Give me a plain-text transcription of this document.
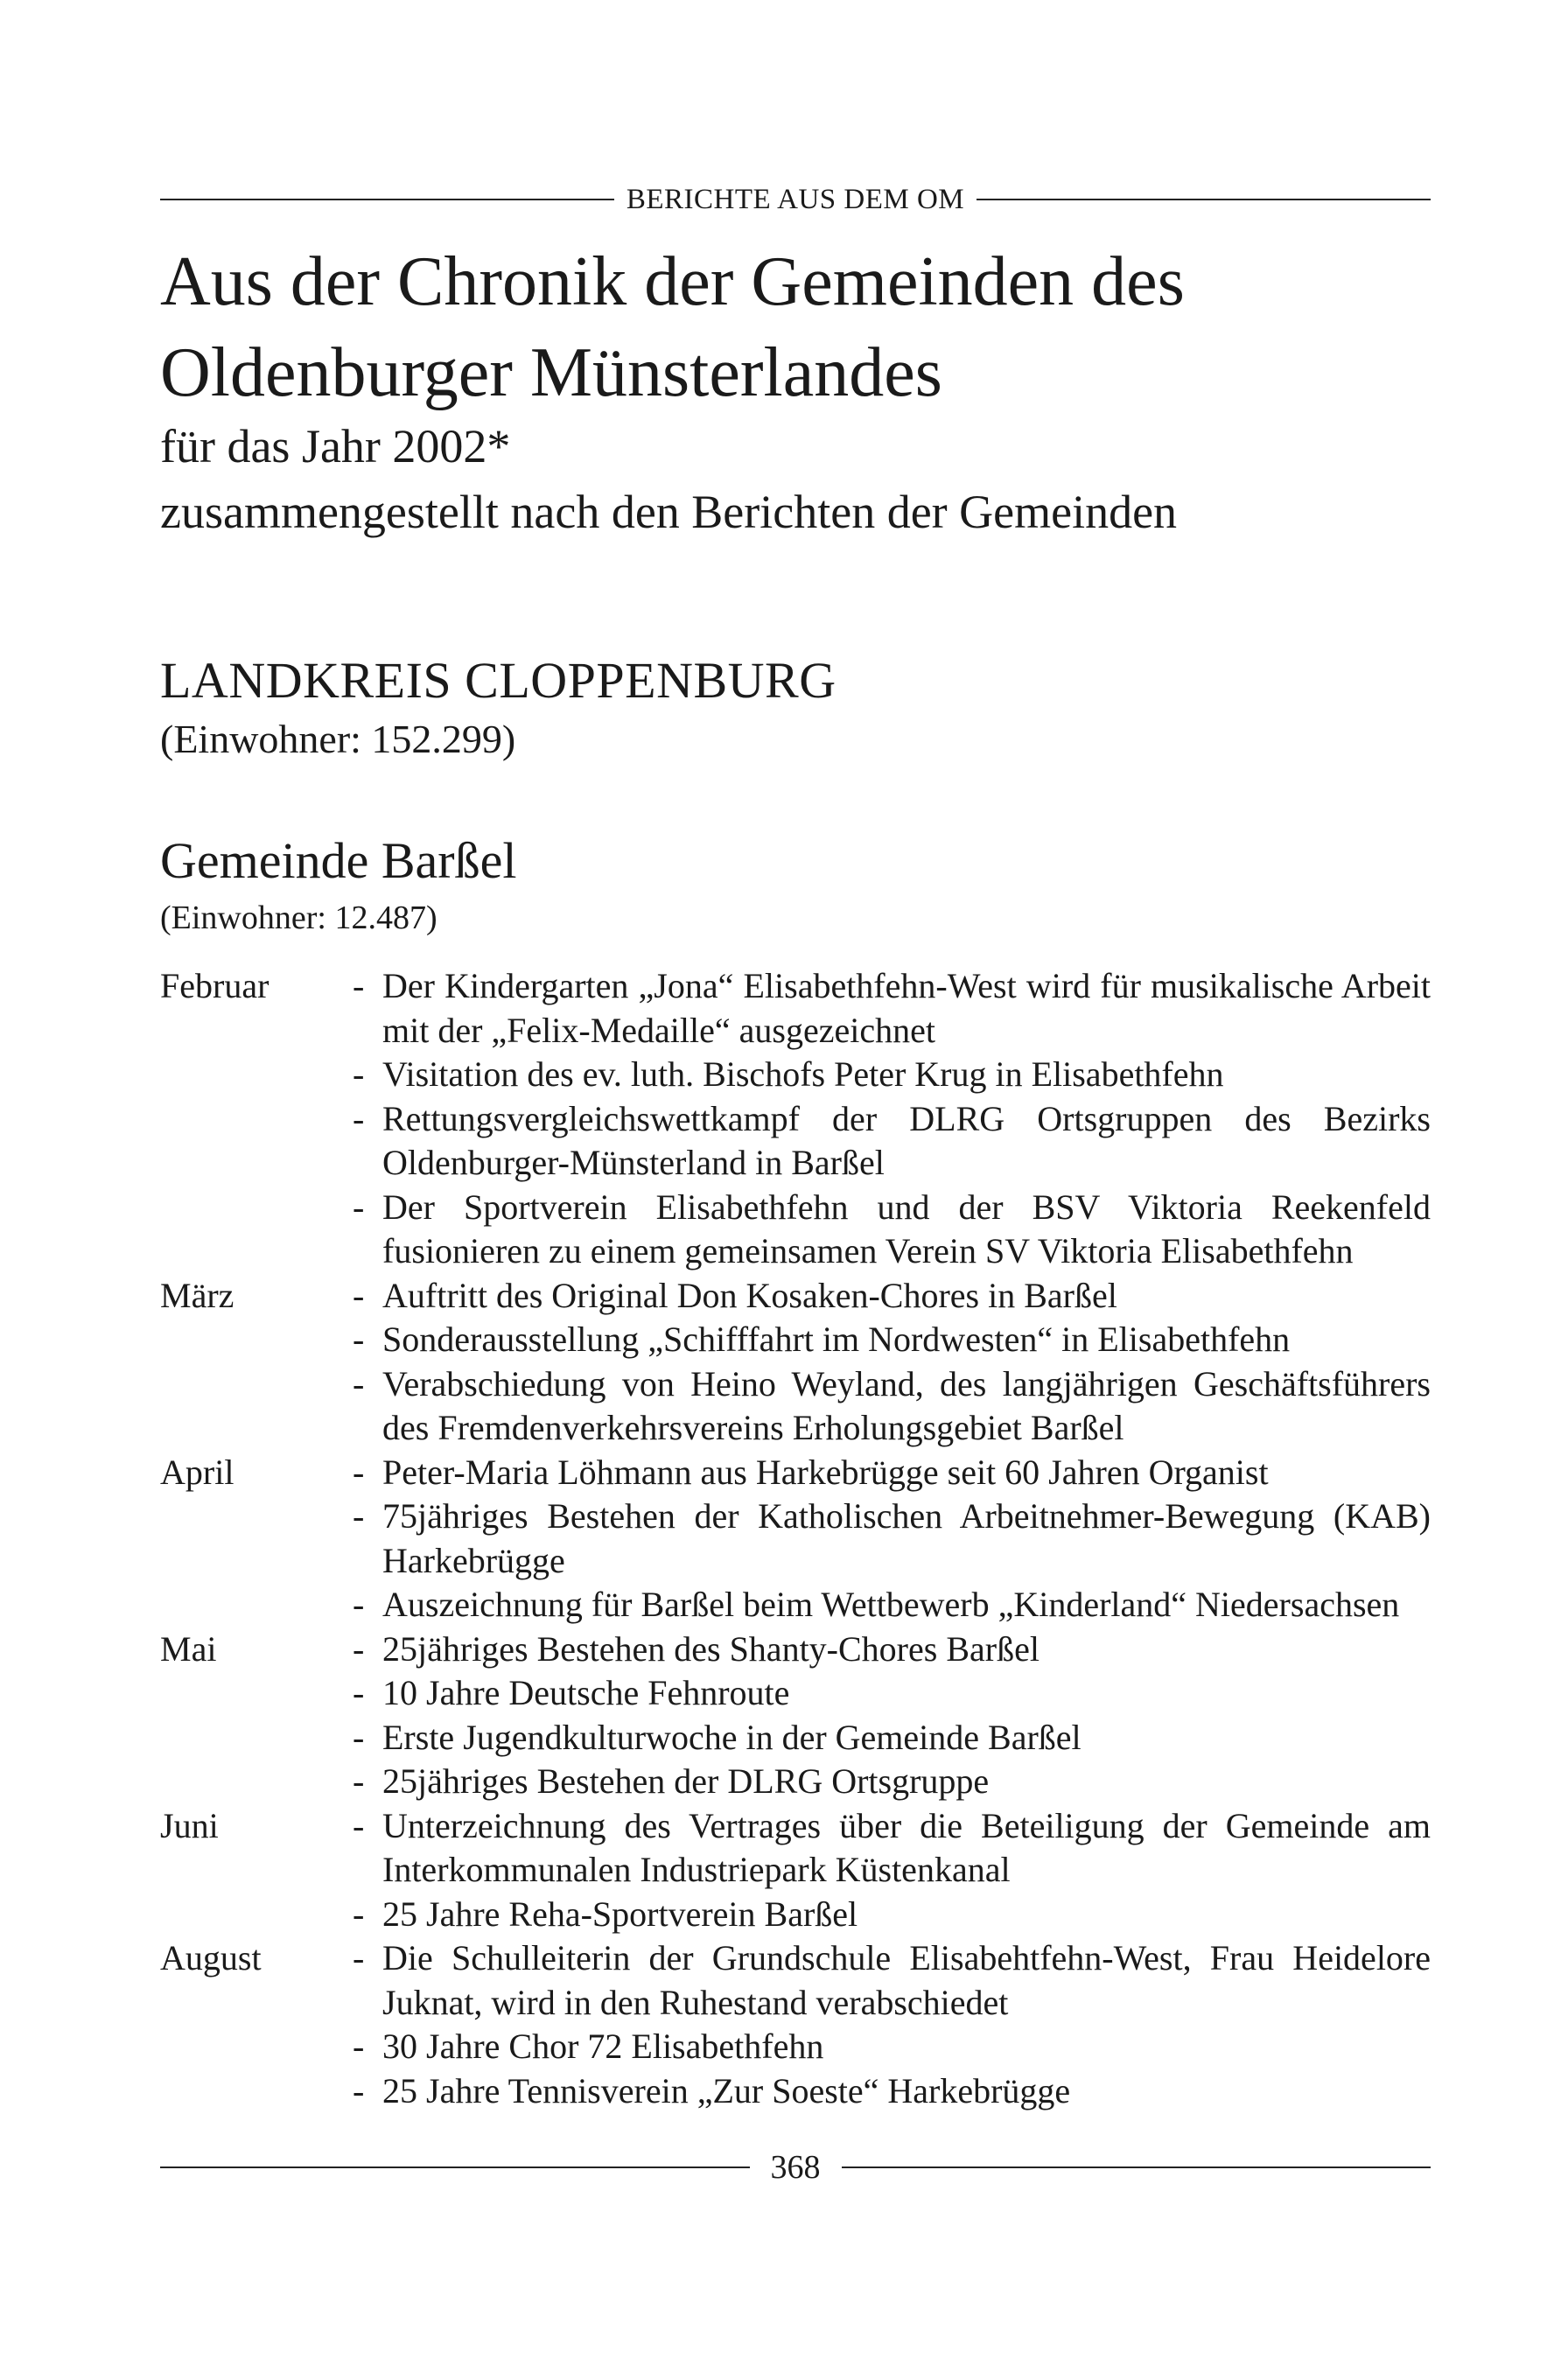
BERICHTE AUS DEM OM
Aus der Chronik der Gemeinden des
Oldenburger Münsterlandes

für das Jahr 2002*

zusammengestellt nach den Berichten der Gemeinden

LANDKREIS CLOPPENBURG
(Einwohner: 152.299)
Gemeinde Barßel
(Einwohner: 12.487)
Februar	- Der Kindergarten „Jona“ Elisabethfehn-West wird für musikalische Arbeit mit der „Felix-Medaille“ ausgezeichnet
- Visitation des ev. luth. Bischofs Peter Krug in Elisabethfehn
- Rettungsvergleichswettkampf der DLRG Ortsgruppen des Bezirks Oldenburger-Münsterland in Barßel
- Der Sportverein Elisabethfehn und der BSV Viktoria Reekenfeld fusionieren zu einem gemeinsamen Verein SV Viktoria Elisabethfehn
März	- Auftritt des Original Don Kosaken-Chores in Barßel
- Sonderausstellung „Schifffahrt im Nordwesten“ in Elisabethfehn
- Verabschiedung von Heino Weyland, des langjährigen Geschäftsführers des Fremdenverkehrsvereins Erholungsgebiet Barßel
April	- Peter-Maria Löhmann aus Harkebrügge seit 60 Jahren Organist
- 75jähriges Bestehen der Katholischen Arbeitnehmer-Bewegung (KAB) Harkebrügge
- Auszeichnung für Barßel beim Wettbewerb „Kinderland“ Niedersachsen
Mai	- 25jähriges Bestehen des Shanty-Chores Barßel
- 10 Jahre Deutsche Fehnroute
- Erste Jugendkulturwoche in der Gemeinde Barßel
- 25jähriges Bestehen der DLRG Ortsgruppe
Juni	- Unterzeichnung des Vertrages über die Beteiligung der Gemeinde am Interkommunalen Industriepark Küstenkanal
- 25 Jahre Reha-Sportverein Barßel
August	- Die Schulleiterin der Grundschule Elisabehtfehn-West, Frau Heidelore Juknat, wird in den Ruhestand verabschiedet
- 30 Jahre Chor 72 Elisabethfehn
- 25 Jahre Tennisverein „Zur Soeste“ Harkebrügge
368
